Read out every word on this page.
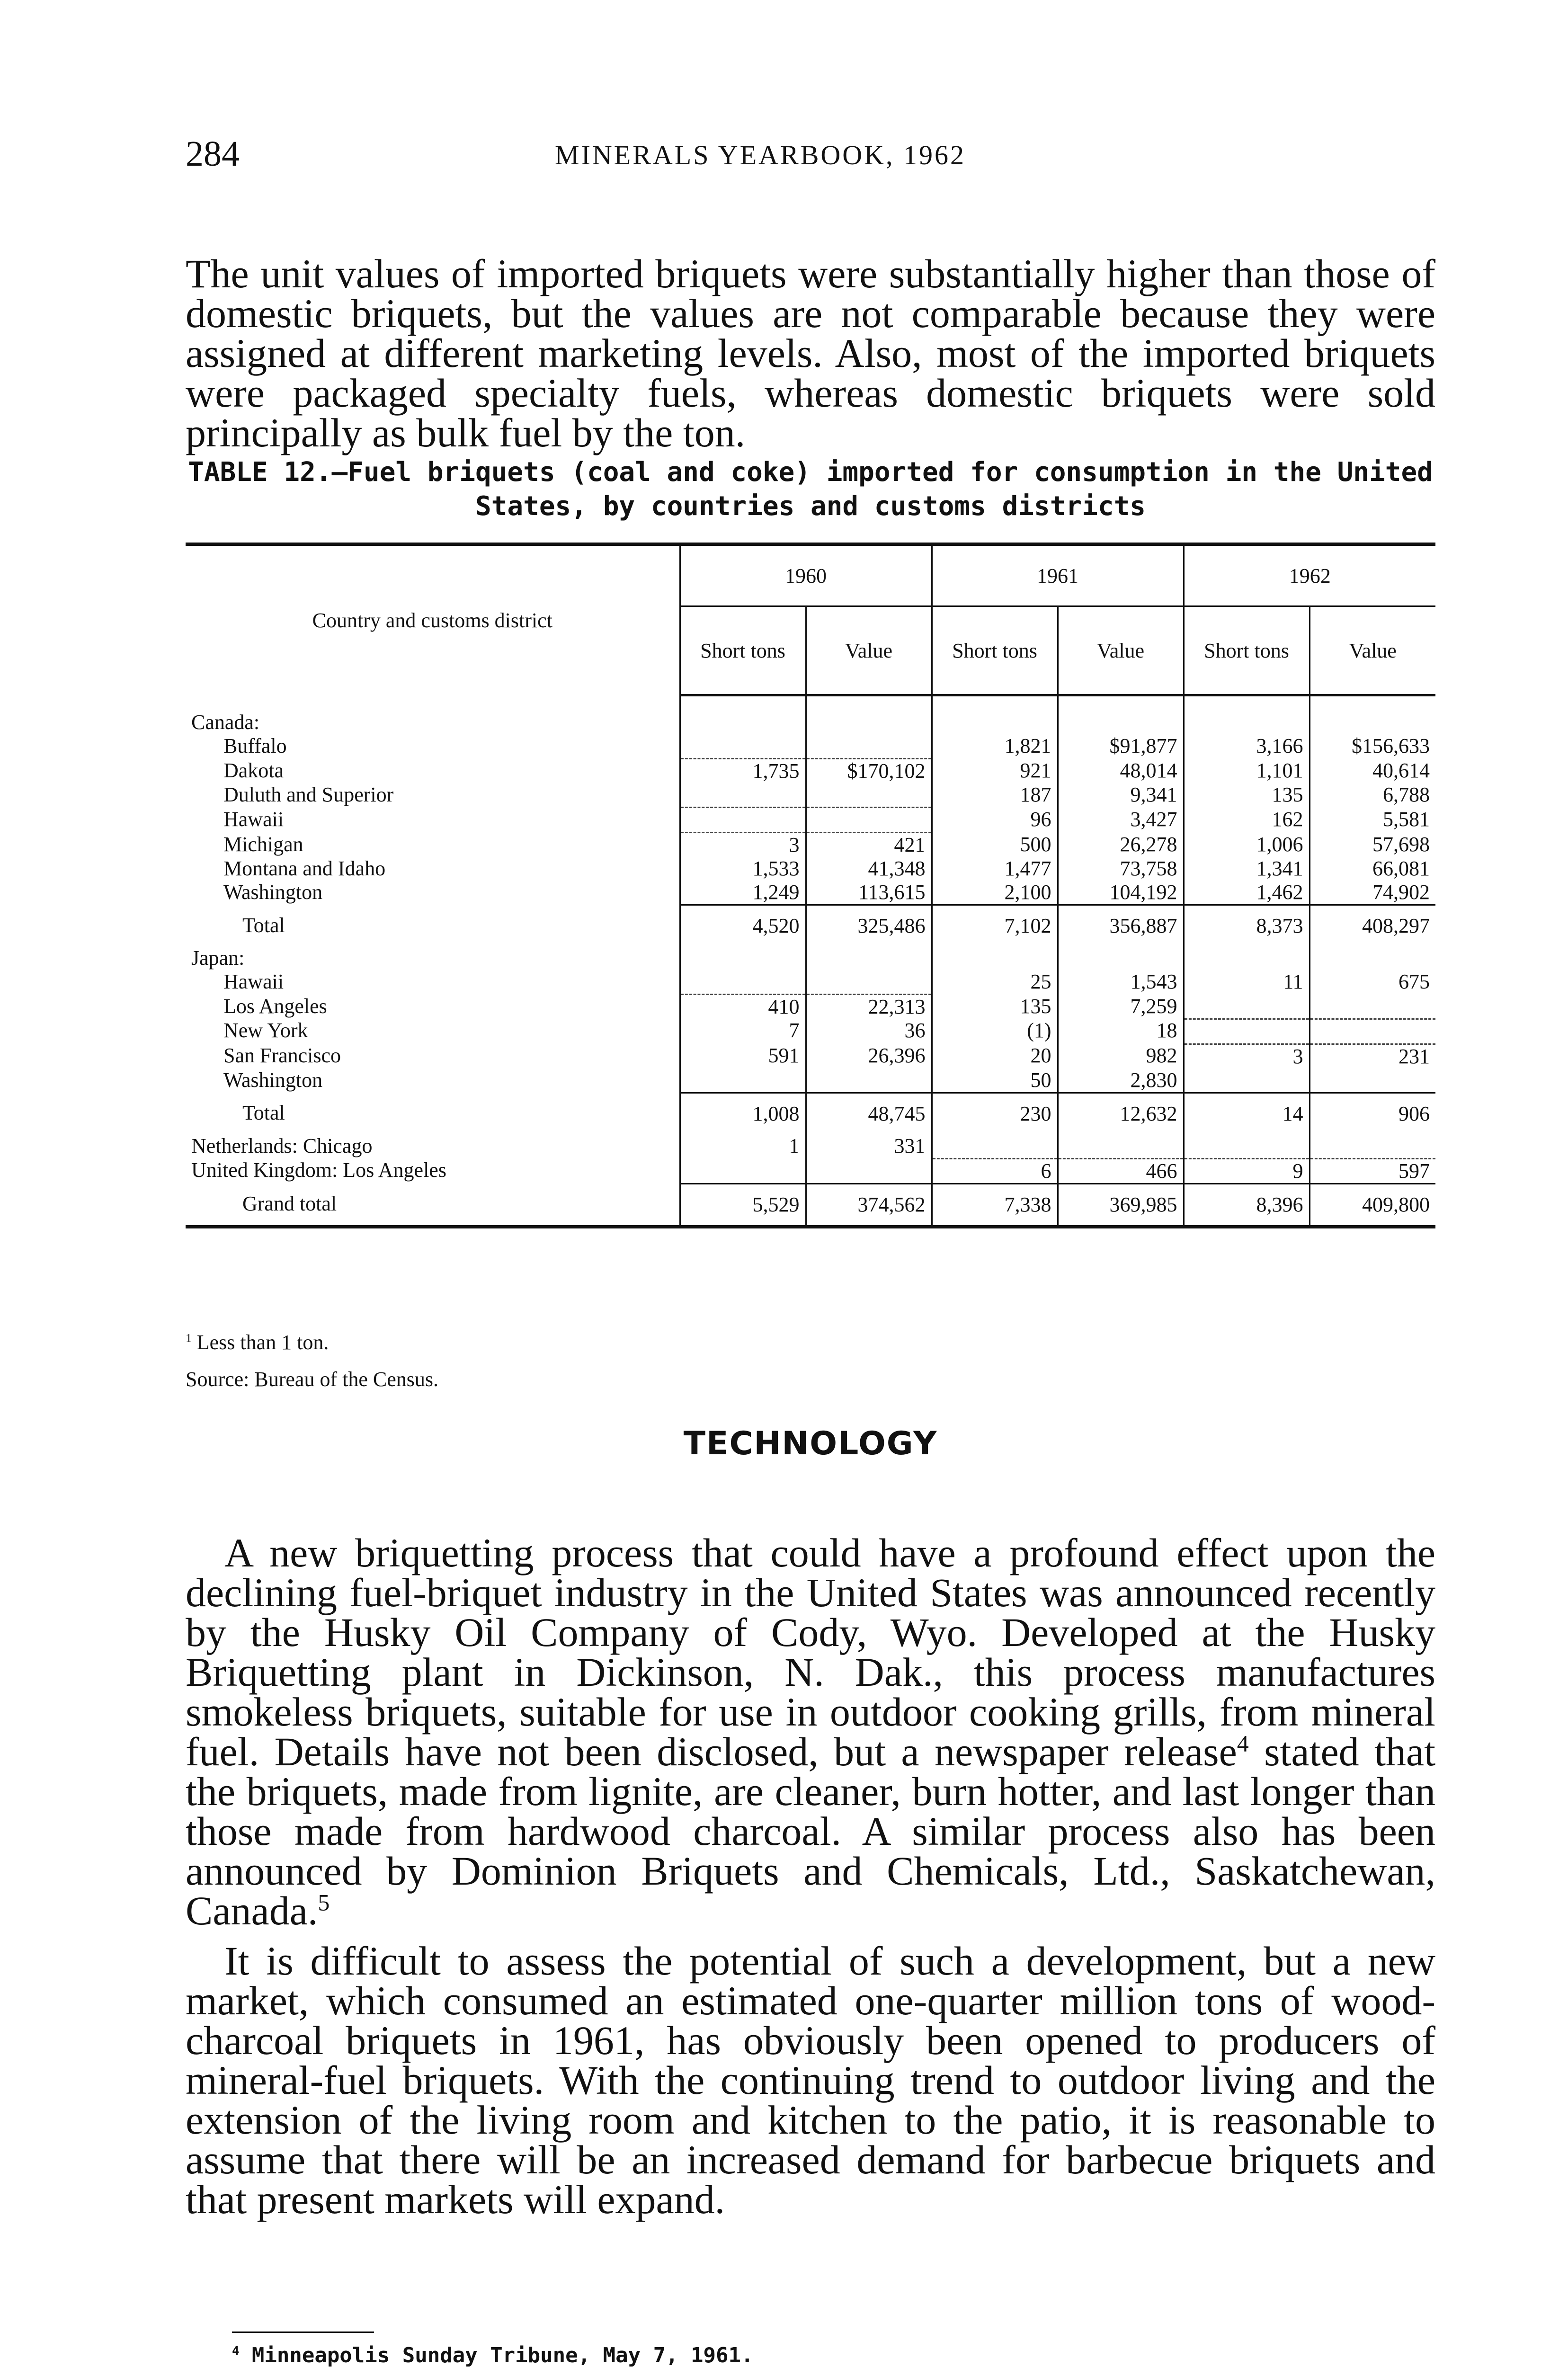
284	MINERALS YEARBOOK, 1962

The unit values of imported briquets were substantially higher than those of domestic briquets, but the values are not comparable because they were assigned at different marketing levels. Also, most of the imported briquets were packaged specialty fuels, whereas domestic briquets were sold principally as bulk fuel by the ton.

TABLE 12.—Fuel briquets (coal and coke) imported for consumption in the United
States, by countries and customs districts
Country and customs district	1960		1961		1962	
	Short tons	Value	Short tons	Value	Short tons	Value

Canada:						
Buffalo			1,821	$91,877	3,166	$156,633
Dakota	1,735	$170,102	921	48,014	1,101	40,614
Duluth and Superior			187	9,341	135	6,788
Hawaii			96	3,427	162	5,581
Michigan	3	421	500	26,278	1,006	57,698
Montana and Idaho	1,533	41,348	1,477	73,758	1,341	66,081
Washington	1,249	113,615	2,100	104,192	1,462	74,902
Total	4,520	325,486	7,102	356,887	8,373	408,297
Japan:						
Hawaii			25	1,543	11	675
Los Angeles	410	22,313	135	7,259		
New York	7	36	(1)	18		
San Francisco	591	26,396	20	982	3	231
Washington			50	2,830		
Total	1,008	48,745	230	12,632	14	906
Netherlands: Chicago	1	331				
United Kingdom: Los Angeles			6	466	9	597
Grand total	5,529	374,562	7,338	369,985	8,396	409,800
$^1$ Less than 1 ton.
Source: Bureau of the Census.
TECHNOLOGY

A new briquetting process that could have a profound effect upon the declining fuel-briquet industry in the United States was announced recently by the Husky Oil Company of Cody, Wyo. Developed at the Husky Briquetting plant in Dickinson, N. Dak., this process manufactures smokeless briquets, suitable for use in outdoor cooking grills, from mineral fuel. Details have not been disclosed, but a newspaper release$^4$ stated that the briquets, made from lignite, are cleaner, burn hotter, and last longer than those made from hardwood charcoal. A similar process also has been announced by Dominion Briquets and Chemicals, Ltd., Saskatchewan, Canada.$^5$

It is difficult to assess the potential of such a development, but a new market, which consumed an estimated one-quarter million tons of wood-charcoal briquets in 1961, has obviously been opened to producers of mineral-fuel briquets. With the continuing trend to outdoor living and the extension of the living room and kitchen to the patio, it is reasonable to assume that there will be an increased demand for barbecue briquets and that present markets will expand.

$^4$ Minneapolis Sunday Tribune, May 7, 1961.
